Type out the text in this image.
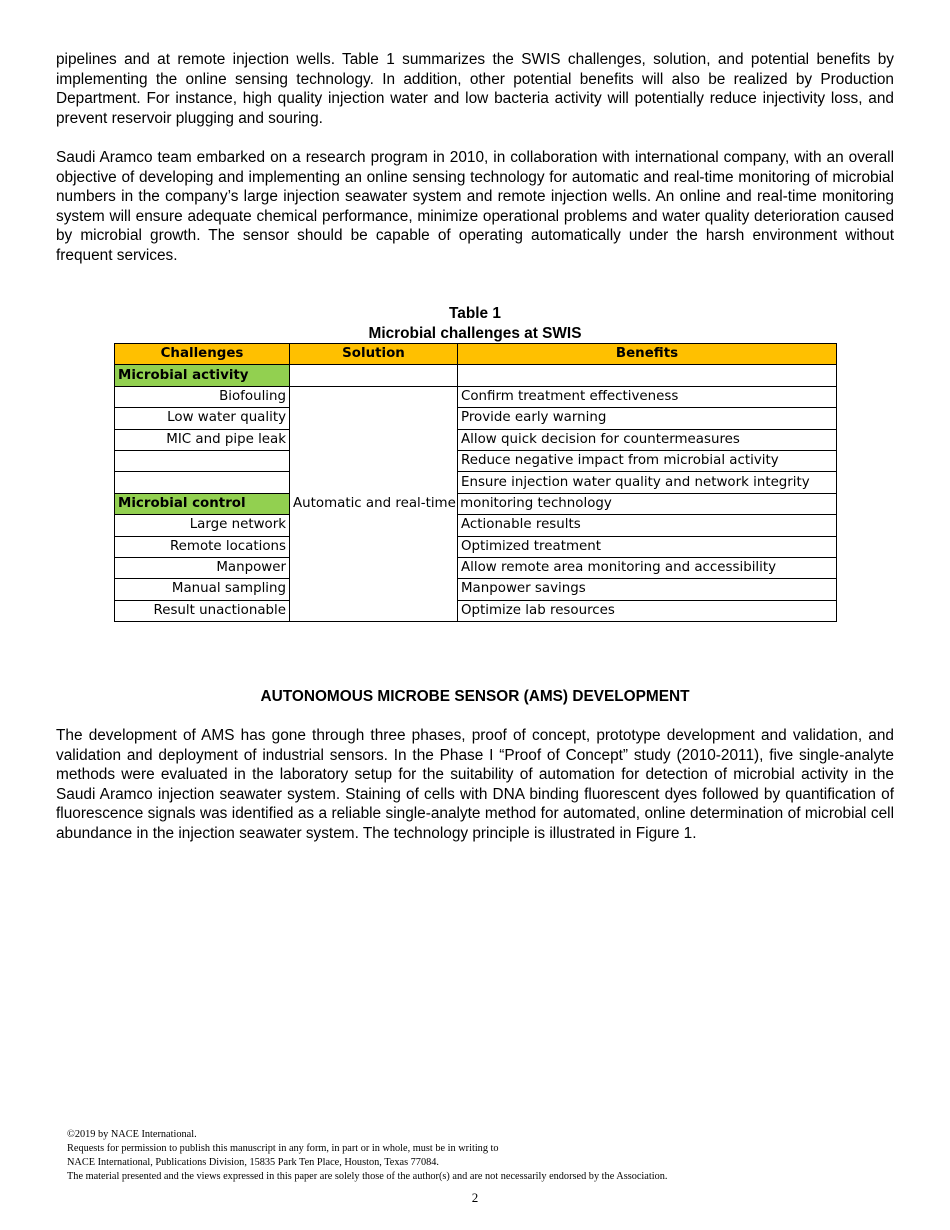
pipelines and at remote injection wells. Table 1 summarizes the SWIS challenges, solution, and potential benefits by implementing the online sensing technology. In addition, other potential benefits will also be realized by Production Department. For instance, high quality injection water and low bacteria activity will potentially reduce injectivity loss, and prevent reservoir plugging and souring.

Saudi Aramco team embarked on a research program in 2010, in collaboration with international company, with an overall objective of developing and implementing an online sensing technology for automatic and real-time monitoring of microbial numbers in the company’s large injection seawater system and remote injection wells. An online and real-time monitoring system will ensure adequate chemical performance, minimize operational problems and water quality deterioration caused by microbial growth. The sensor should be capable of operating automatically under the harsh environment without frequent services.

Table 1
Microbial challenges at SWIS
Challenges	Solution	Benefits
Microbial activity		
Biofouling	Automatic and real-time monitoring technology	Confirm treatment effectiveness
Low water quality		Provide early warning
MIC and pipe leak		Allow quick decision for countermeasures
		Reduce negative impact from microbial activity
		Ensure injection water quality and network integrity
Microbial control		
Large network		Actionable results
Remote locations		Optimized treatment
Manpower		Allow remote area monitoring and accessibility
Manual sampling		Manpower savings
Result unactionable		Optimize lab resources
AUTONOMOUS MICROBE SENSOR (AMS) DEVELOPMENT

The development of AMS has gone through three phases, proof of concept, prototype development and validation, and validation and deployment of industrial sensors. In the Phase I “Proof of Concept” study (2010-2011), five single-analyte methods were evaluated in the laboratory setup for the suitability of automation for detection of microbial activity in the Saudi Aramco injection seawater system. Staining of cells with DNA binding fluorescent dyes followed by quantification of fluorescence signals was identified as a reliable single-analyte method for automated, online determination of microbial cell abundance in the injection seawater system. The technology principle is illustrated in Figure 1.

©2019 by NACE International.
Requests for permission to publish this manuscript in any form, in part or in whole, must be in writing to
NACE International, Publications Division, 15835 Park Ten Place, Houston, Texas 77084.
The material presented and the views expressed in this paper are solely those of the author(s) and are not necessarily endorsed by the Association.
2
